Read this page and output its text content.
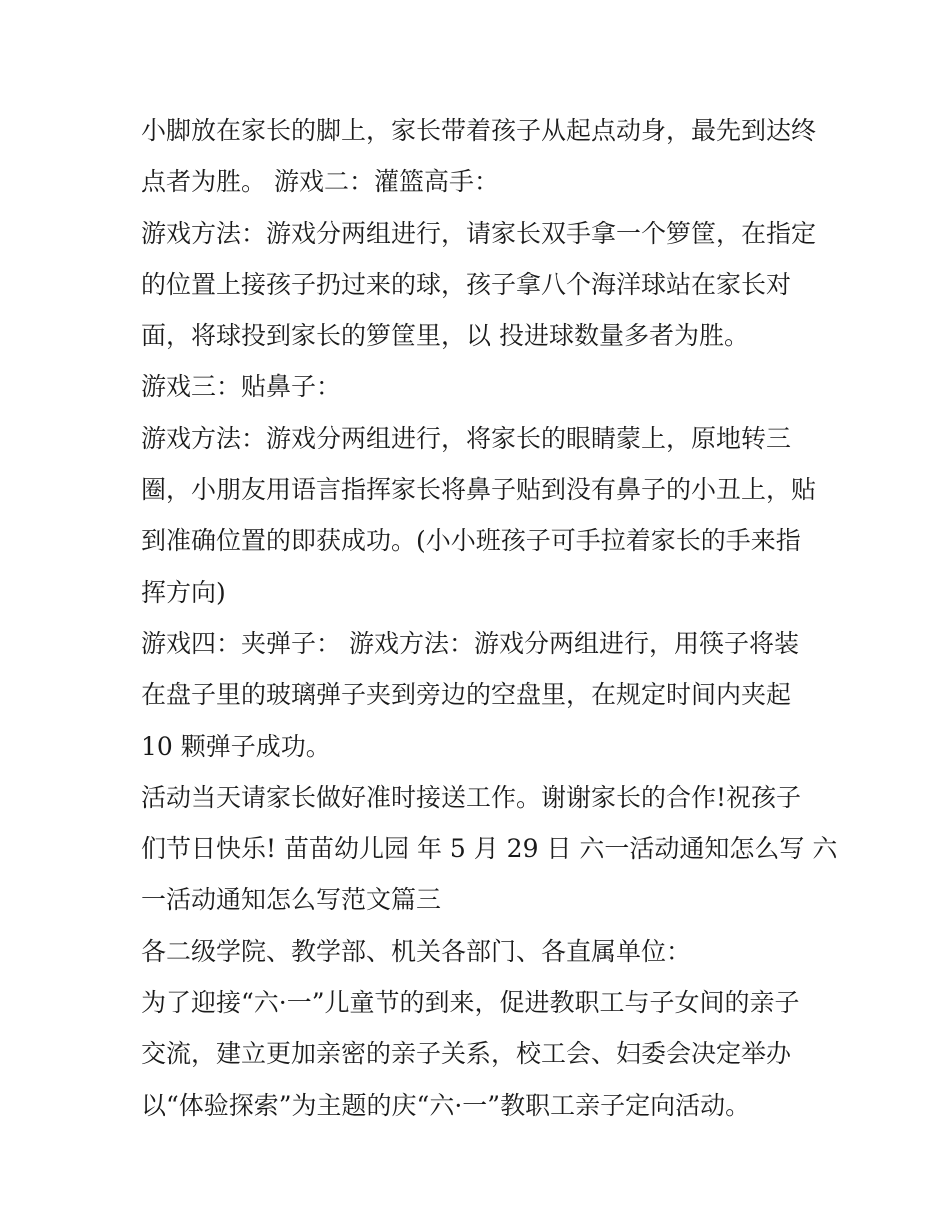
小脚放在家长的脚上，家长带着孩子从起点动身，最先到达终
点者为胜。 游戏二：灌篮高手：
游戏方法：游戏分两组进行，请家长双手拿一个箩筐，在指定
的位置上接孩子扔过来的球，孩子拿八个海洋球站在家长对
面，将球投到家长的箩筐里，以 投进球数量多者为胜。
游戏三：贴鼻子：
游戏方法：游戏分两组进行，将家长的眼睛蒙上，原地转三
圈，小朋友用语言指挥家长将鼻子贴到没有鼻子的小丑上，贴
到准确位置的即获成功。(小小班孩子可手拉着家长的手来指
挥方向)
游戏四：夹弹子： 游戏方法：游戏分两组进行，用筷子将装
在盘子里的玻璃弹子夹到旁边的空盘里，在规定时间内夹起
10 颗弹子成功。
活动当天请家长做好准时接送工作。谢谢家长的合作!祝孩子
们节日快乐! 苗苗幼儿园 年 5 月 29 日 六一活动通知怎么写 六
一活动通知怎么写范文篇三
各二级学院、教学部、机关各部门、各直属单位：
为了迎接“六·一”儿童节的到来，促进教职工与子女间的亲子
交流，建立更加亲密的亲子关系，校工会、妇委会决定举办
以“体验探索”为主题的庆“六·一”教职工亲子定向活动。
